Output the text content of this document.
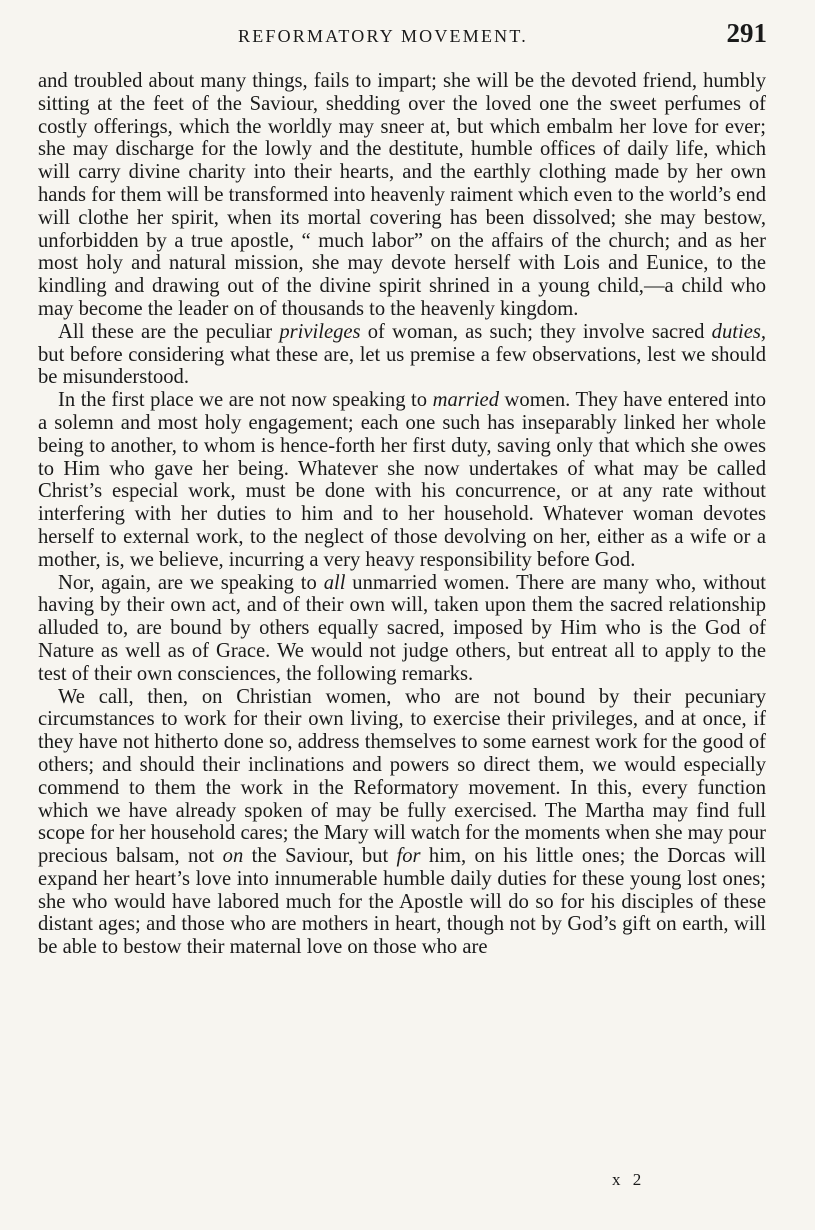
REFORMATORY MOVEMENT.	291

and troubled about many things, fails to impart; she will be the devoted friend, humbly sitting at the feet of the Saviour, shedding over the loved one the sweet perfumes of costly offerings, which the worldly may sneer at, but which embalm her love for ever; she may discharge for the lowly and the destitute, humble offices of daily life, which will carry divine charity into their hearts, and the earthly clothing made by her own hands for them will be transformed into heavenly raiment which even to the world’s end will clothe her spirit, when its mortal covering has been dissolved; she may bestow, unforbidden by a true apostle, “ much labor” on the affairs of the church; and as her most holy and natural mission, she may devote herself with Lois and Eunice, to the kindling and drawing out of the divine spirit shrined in a young child,—a child who may become the leader on of thousands to the heavenly kingdom.

All these are the peculiar privileges of woman, as such; they involve sacred duties, but before considering what these are, let us premise a few observations, lest we should be misunderstood.

In the first place we are not now speaking to married women. They have entered into a solemn and most holy engagement; each one such has inseparably linked her whole being to another, to whom is hence-forth her first duty, saving only that which she owes to Him who gave her being. Whatever she now undertakes of what may be called Christ’s especial work, must be done with his concurrence, or at any rate without interfering with her duties to him and to her household. Whatever woman devotes herself to external work, to the neglect of those devolving on her, either as a wife or a mother, is, we believe, incurring a very heavy responsibility before God.

Nor, again, are we speaking to all unmarried women. There are many who, without having by their own act, and of their own will, taken upon them the sacred relationship alluded to, are bound by others equally sacred, imposed by Him who is the God of Nature as well as of Grace. We would not judge others, but entreat all to apply to the test of their own consciences, the following remarks.

We call, then, on Christian women, who are not bound by their pecuniary circumstances to work for their own living, to exercise their privileges, and at once, if they have not hitherto done so, address themselves to some earnest work for the good of others; and should their inclinations and powers so direct them, we would especially commend to them the work in the Reformatory movement. In this, every function which we have already spoken of may be fully exercised. The Martha may find full scope for her household cares; the Mary will watch for the moments when she may pour precious balsam, not on the Saviour, but for him, on his little ones; the Dorcas will expand her heart’s love into innumerable humble daily duties for these young lost ones; she who would have labored much for the Apostle will do so for his disciples of these distant ages; and those who are mothers in heart, though not by God’s gift on earth, will be able to bestow their maternal love on those who are

x 2
